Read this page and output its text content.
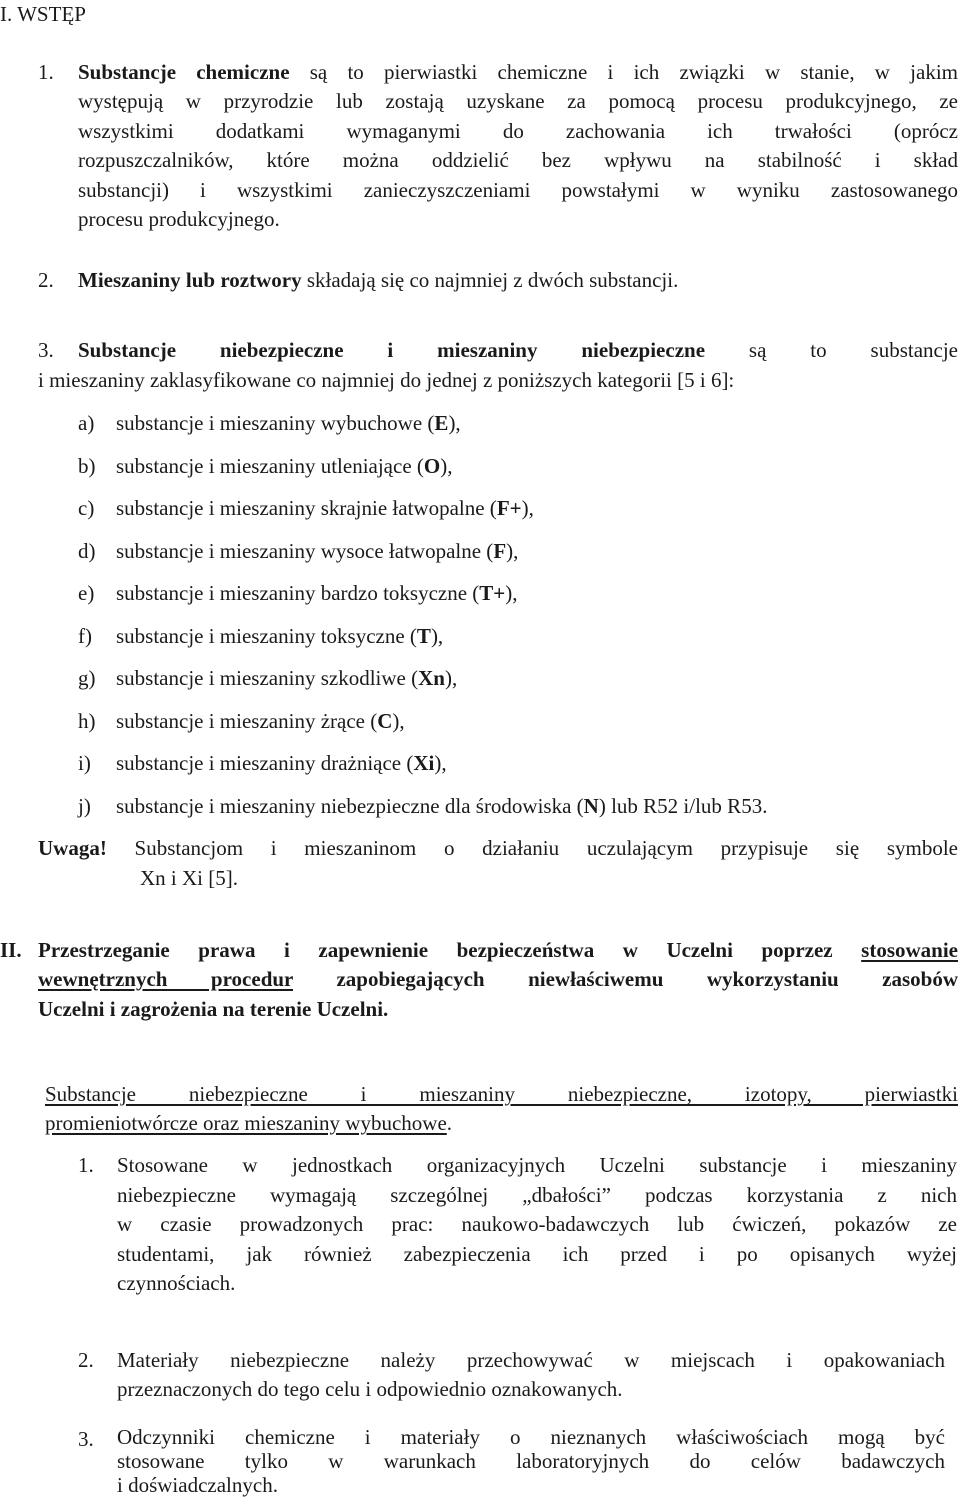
I. WSTĘP
1. Substancje chemiczne są to pierwiastki chemiczne i ich związki w stanie, w jakim
występują w przyrodzie lub zostają uzyskane za pomocą procesu produkcyjnego, ze
wszystkimi dodatkami wymaganymi do zachowania ich trwałości (oprócz
rozpuszczalników, które można oddzielić bez wpływu na stabilność i skład
substancji) i wszystkimi zanieczyszczeniami powstałymi w wyniku zastosowanego
procesu produkcyjnego.
2. Mieszaniny lub roztwory składają się co najmniej z dwóch substancji.
3. Substancje niebezpieczne i mieszaniny niebezpieczne są to substancje
i mieszaniny zaklasyfikowane co najmniej do jednej z poniższych kategorii [5 i 6]:
a) substancje i mieszaniny wybuchowe (E),
b) substancje i mieszaniny utleniające (O),
c) substancje i mieszaniny skrajnie łatwopalne (F+),
d) substancje i mieszaniny wysoce łatwopalne (F),
e) substancje i mieszaniny bardzo toksyczne (T+),
f) substancje i mieszaniny toksyczne (T),
g) substancje i mieszaniny szkodliwe (Xn),
h) substancje i mieszaniny żrące (C),
i) substancje i mieszaniny drażniące (Xi),
j) substancje i mieszaniny niebezpieczne dla środowiska (N) lub R52 i/lub R53.
Uwaga! Substancjom i mieszaninom o działaniu uczulającym przypisuje się symbole
Xn i Xi [5].
II. Przestrzeganie prawa i zapewnienie bezpieczeństwa w Uczelni poprzez stosowanie
wewnętrznych procedur zapobiegających niewłaściwemu wykorzystaniu zasobów
Uczelni i zagrożenia na terenie Uczelni.
Substancje niebezpieczne i mieszaniny niebezpieczne, izotopy, pierwiastki
promieniotwórcze oraz mieszaniny wybuchowe.
1. Stosowane w jednostkach organizacyjnych Uczelni substancje i mieszaniny
niebezpieczne wymagają szczególnej „dbałości” podczas korzystania z nich
w czasie prowadzonych prac: naukowo-badawczych lub ćwiczeń, pokazów ze
studentami, jak również zabezpieczenia ich przed i po opisanych wyżej
czynnościach.
2. Materiały niebezpieczne należy przechowywać w miejscach i opakowaniach
przeznaczonych do tego celu i odpowiednio oznakowanych.
3. Odczynniki chemiczne i materiały o nieznanych właściwościach mogą być
stosowane tylko w warunkach laboratoryjnych do celów badawczych
i doświadczalnych.
